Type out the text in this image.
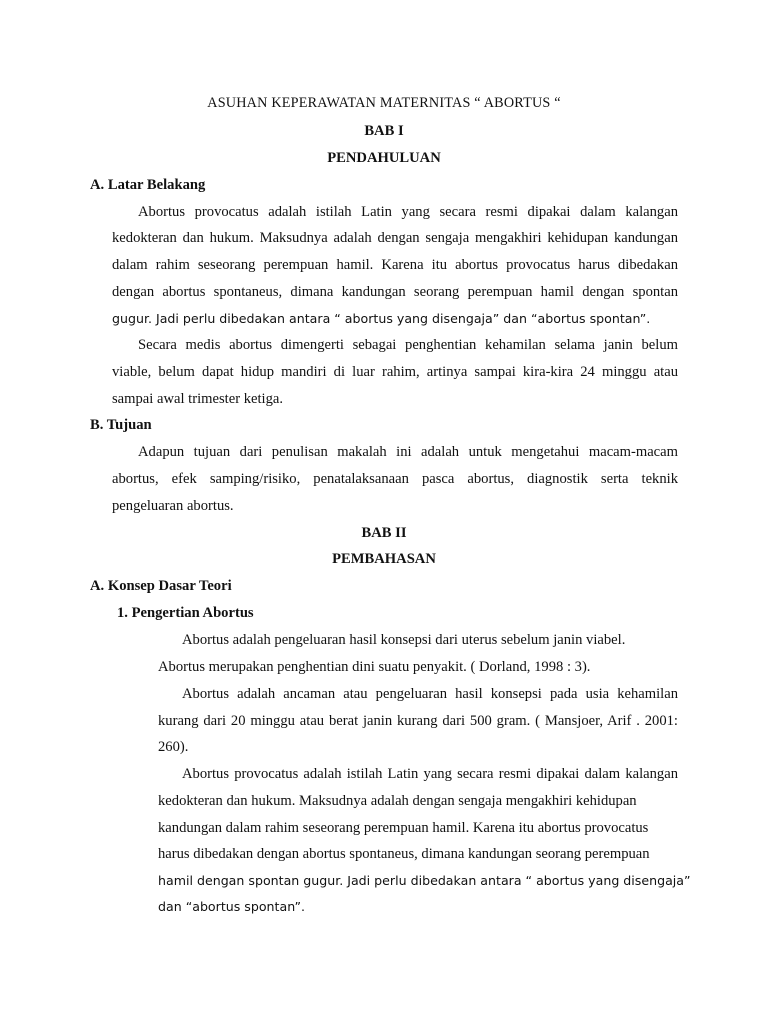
ASUHAN KEPERAWATAN MATERNITAS “ ABORTUS “
BAB I
PENDAHULUAN
A. Latar Belakang
Abortus provocatus adalah istilah Latin yang secara resmi dipakai dalam kalangan
kedokteran dan hukum. Maksudnya adalah dengan sengaja mengakhiri kehidupan kandungan
dalam rahim seseorang perempuan hamil. Karena itu abortus provocatus harus dibedakan
dengan abortus spontaneus, dimana kandungan seorang perempuan hamil dengan spontan
gugur. Jadi perlu dibedakan antara “ abortus yang disengaja” dan “abortus spontan”.
Secara medis abortus dimengerti sebagai penghentian kehamilan selama janin belum
viable, belum dapat hidup mandiri di luar rahim, artinya sampai kira-kira 24 minggu atau
sampai awal trimester ketiga.
B. Tujuan
Adapun tujuan dari penulisan makalah ini adalah untuk mengetahui macam-macam
abortus, efek samping/risiko, penatalaksanaan pasca abortus, diagnostik serta teknik
pengeluaran abortus.
BAB II
PEMBAHASAN
A. Konsep Dasar Teori
1. Pengertian Abortus
Abortus adalah pengeluaran hasil konsepsi dari uterus sebelum janin viabel.
Abortus merupakan penghentian dini suatu penyakit. ( Dorland, 1998 : 3).
Abortus adalah ancaman atau pengeluaran hasil konsepsi pada usia kehamilan
kurang dari 20 minggu atau berat janin kurang dari 500 gram. ( Mansjoer, Arif . 2001:
260).
Abortus provocatus adalah istilah Latin yang secara resmi dipakai dalam kalangan
kedokteran dan hukum. Maksudnya adalah dengan sengaja mengakhiri kehidupan
kandungan dalam rahim seseorang perempuan hamil. Karena itu abortus provocatus
harus dibedakan dengan abortus spontaneus, dimana kandungan seorang perempuan
hamil dengan spontan gugur. Jadi perlu dibedakan antara “ abortus yang disengaja”
dan “abortus spontan”.
